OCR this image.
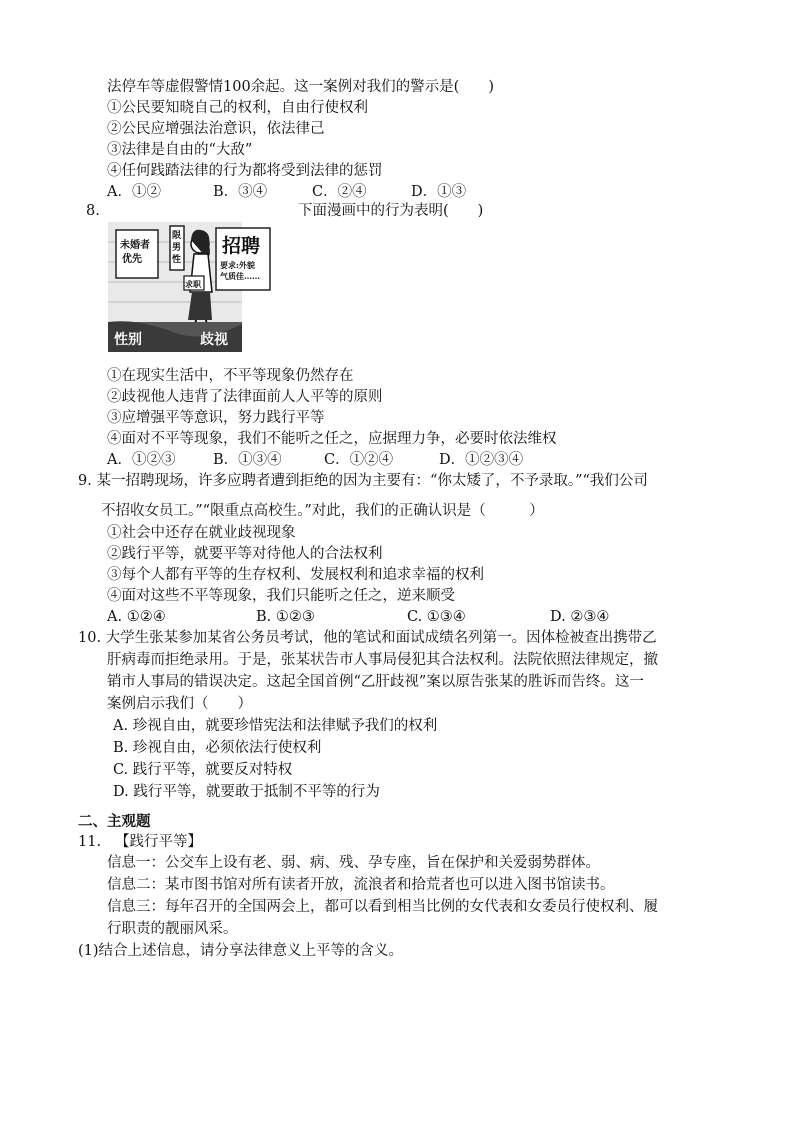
法停车等虚假警情100余起。这一案例对我们的警示是(　　)
①公民要知晓自己的权利，自由行使权利
②公民应增强法治意识，依法律己
③法律是自由的“大敌”
④任何践踏法律的行为都将受到法律的惩罚
A．①②	B．③④	C．②④	D．①③
8.	下面漫画中的行为表明(　　)
未婚者
优先
限
男
性
招聘
要求:外貌
气质佳……
求职
性别	歧视
①在现实生活中，不平等现象仍然存在
②歧视他人违背了法律面前人人平等的原则
③应增强平等意识，努力践行平等
④面对不平等现象，我们不能听之任之，应据理力争，必要时依法维权
A．①②③	B．①③④	C．①②④	D．①②③④
9. 某一招聘现场，许多应聘者遭到拒绝的因为主要有：“你太矮了，不予录取。”“我们公司
不招收女员工。”“限重点高校生。”对此，我们的正确认识是（　　　）
①社会中还存在就业歧视现象
②践行平等，就要平等对待他人的合法权利
③每个人都有平等的生存权利、发展权利和追求幸福的权利
④面对这些不平等现象，我们只能听之任之，逆来顺受
A. ①②④	B. ①②③	C. ①③④	D. ②③④
10. 大学生张某参加某省公务员考试，他的笔试和面试成绩名列第一。因体检被查出携带乙
肝病毒而拒绝录用。于是，张某状告市人事局侵犯其合法权利。法院依照法律规定，撤
销市人事局的错误决定。这起全国首例“乙肝歧视”案以原告张某的胜诉而告终。这一
案例启示我们（　　）
A. 珍视自由，就要珍惜宪法和法律赋予我们的权利
B. 珍视自由，必须依法行使权利
C. 践行平等，就要反对特权
D. 践行平等，就要敢于抵制不平等的行为
二、主观题
11. 【践行平等】
信息一：公交车上设有老、弱、病、残、孕专座，旨在保护和关爱弱势群体。
信息二：某市图书馆对所有读者开放，流浪者和拾荒者也可以进入图书馆读书。
信息三：每年召开的全国两会上，都可以看到相当比例的女代表和女委员行使权利、履
行职责的靓丽风采。
(1)结合上述信息，请分享法律意义上平等的含义。
